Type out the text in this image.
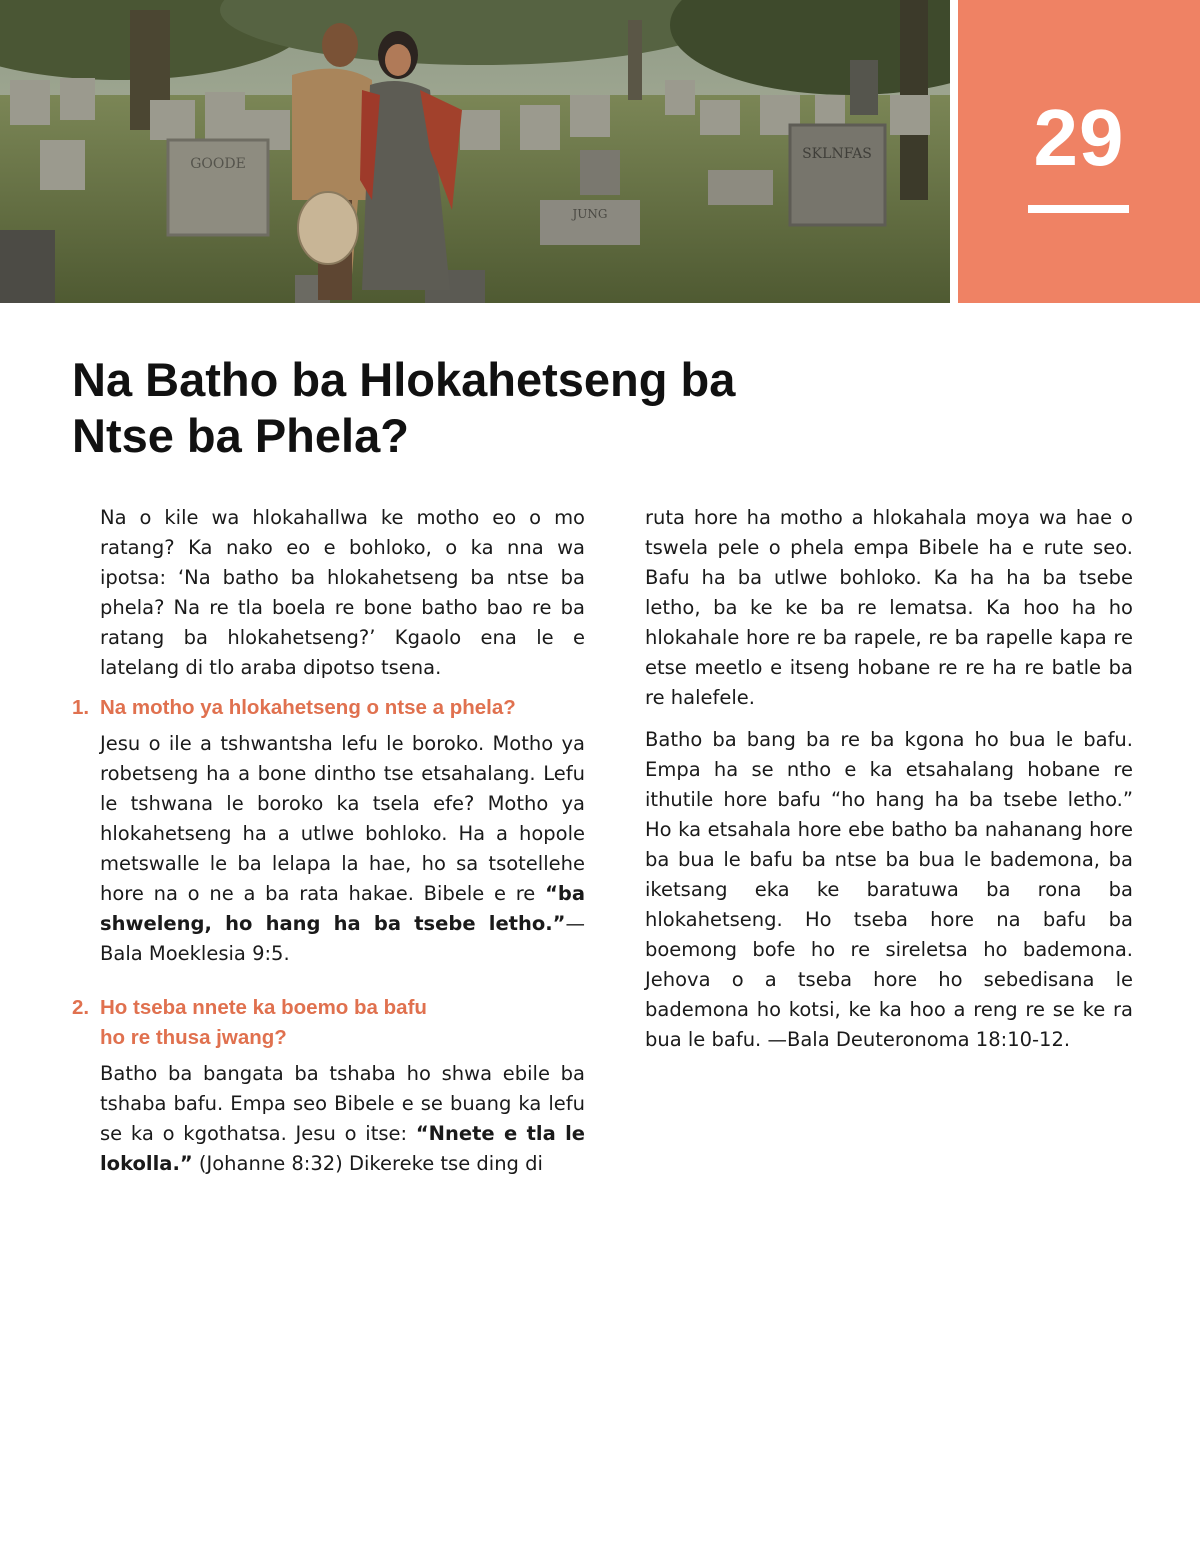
GOODE
SKLNFAS
JUNG
29
Na Batho ba Hlokahetseng ba
Ntse ba Phela?

Na o kile wa hlokahallwa ke motho eo o mo ratang? Ka nako eo e bohloko, o ka nna wa ipotsa: ‘Na batho ba hlokahetseng ba ntse ba phela? Na re tla boela re bone batho bao re ba ratang ba hlokahetseng?’ Kgaolo ena le e latelang di tlo araba dipotso tsena.

1. Na motho ya hlokahetseng o ntse a phela?

Jesu o ile a tshwantsha lefu le boroko. Motho ya robetseng ha a bone dintho tse etsahalang. Lefu le tshwana le boroko ka tsela efe? Motho ya hlokahetseng ha a utlwe bohloko. Ha a hopole metswalle le ba lelapa la hae, ho sa tsotellehe hore na o ne a ba rata hakae. Bibele e re “ba shweleng, ho hang ha ba tsebe letho.”—Bala Moeklesia 9:5.

2. Ho tseba nnete ka boemo ba bafu
ho re thusa jwang?

Batho ba bangata ba tshaba ho shwa ebile ba tshaba bafu. Empa seo Bibele e se buang ka lefu se ka o kgothatsa. Jesu o itse: “Nnete e tla le lokolla.” (Johanne 8:32) Dikereke tse ding di

ruta hore ha motho a hlokahala moya wa hae o tswela pele o phela empa Bibele ha e rute seo. Bafu ha ba utlwe bohloko. Ka ha ha ba tsebe letho, ba ke ke ba re lematsa. Ka hoo ha ho hlokahale hore re ba rapele, re ba rapelle kapa re etse meetlo e itseng hobane re re ha re batle ba re halefele.

Batho ba bang ba re ba kgona ho bua le bafu. Empa ha se ntho e ka etsahalang hobane re ithutile hore bafu “ho hang ha ba tsebe letho.” Ho ka etsahala hore ebe batho ba nahanang hore ba bua le bafu ba ntse ba bua le bademona, ba iketsang eka ke baratuwa ba rona ba hlokahetseng. Ho tseba hore na bafu ba boemong bofe ho re sireletsa ho bademona. Jehova o a tseba hore ho sebedisana le bademona ho kotsi, ke ka hoo a reng re se ke ra bua le bafu. —Bala Deuteronoma 18:10-12.
